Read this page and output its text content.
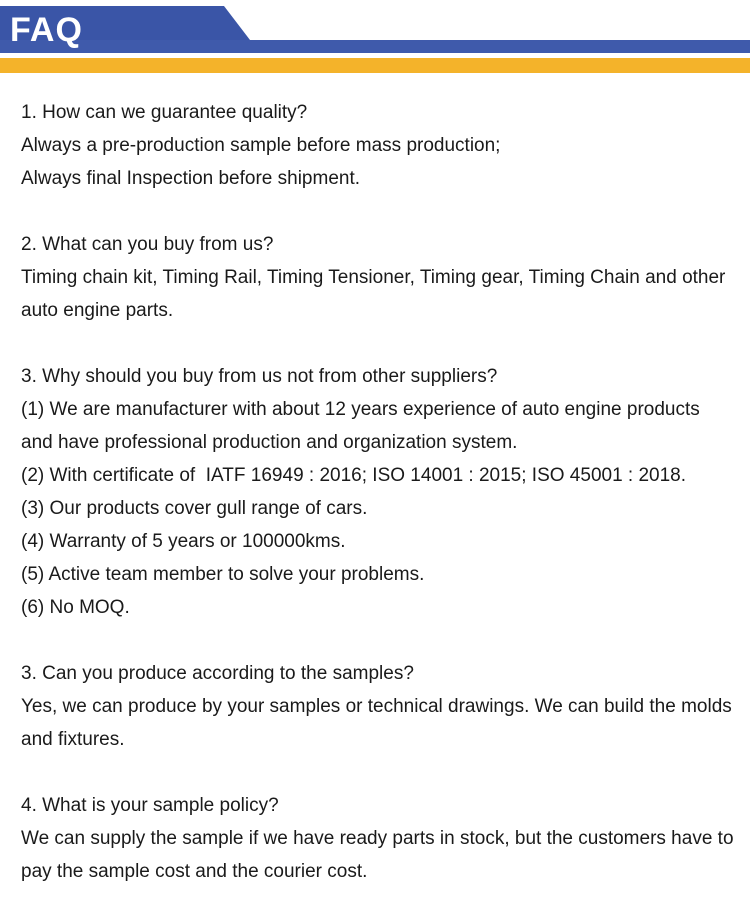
FAQ

1. How can we guarantee quality?

Always a pre-production sample before mass production;

Always final Inspection before shipment.

2. What can you buy from us?

Timing chain kit, Timing Rail, Timing Tensioner, Timing gear, Timing Chain and other auto engine parts.

3. Why should you buy from us not from other suppliers?

(1) We are manufacturer with about 12 years experience of auto engine products and have professional production and organization system.

(2) With certificate of  IATF 16949 : 2016; ISO 14001 : 2015; ISO 45001 : 2018.

(3) Our products cover gull range of cars.

(4) Warranty of 5 years or 100000kms.

(5) Active team member to solve your problems.

(6) No MOQ.

3. Can you produce according to the samples?

Yes, we can produce by your samples or technical drawings. We can build the molds and fixtures.

4. What is your sample policy?

We can supply the sample if we have ready parts in stock, but the customers have to pay the sample cost and the courier cost.
